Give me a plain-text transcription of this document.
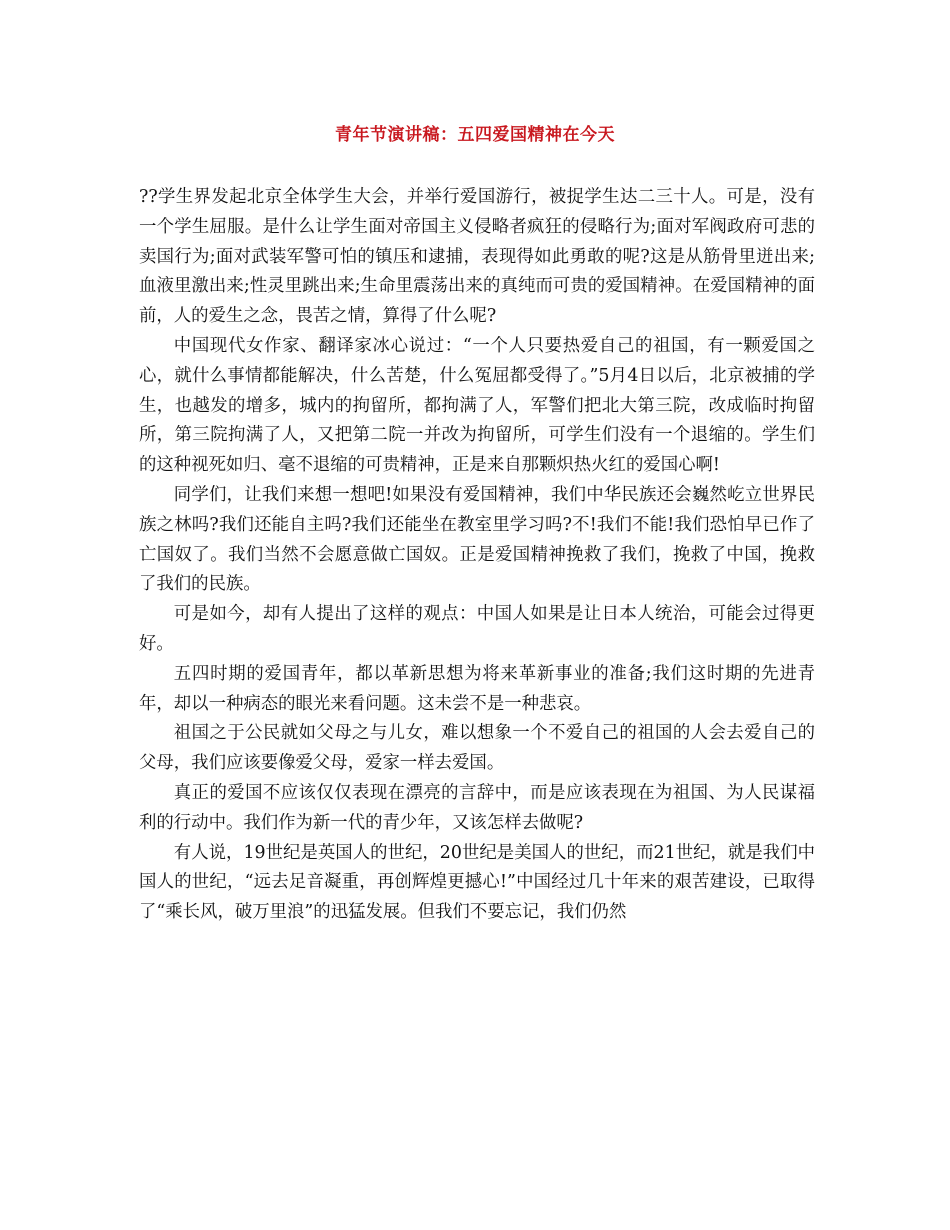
青年节演讲稿：五四爱国精神在今天

??学生界发起北京全体学生大会，并举行爱国游行，被捉学生达二三十人。可是，没有一个学生屈服。是什么让学生面对帝国主义侵略者疯狂的侵略行为;面对军阀政府可悲的卖国行为;面对武装军警可怕的镇压和逮捕，表现得如此勇敢的呢?这是从筋骨里迸出来;血液里激出来;性灵里跳出来;生命里震荡出来的真纯而可贵的爱国精神。在爱国精神的面前，人的爱生之念，畏苦之情，算得了什么呢?

中国现代女作家、翻译家冰心说过：“一个人只要热爱自己的祖国，有一颗爱国之心，就什么事情都能解决，什么苦楚，什么冤屈都受得了。”5月4日以后，北京被捕的学生，也越发的增多，城内的拘留所，都拘满了人，军警们把北大第三院，改成临时拘留所，第三院拘满了人，又把第二院一并改为拘留所，可学生们没有一个退缩的。学生们的这种视死如归、毫不退缩的可贵精神，正是来自那颗炽热火红的爱国心啊!

同学们，让我们来想一想吧!如果没有爱国精神，我们中华民族还会巍然屹立世界民族之林吗?我们还能自主吗?我们还能坐在教室里学习吗?不!我们不能!我们恐怕早已作了亡国奴了。我们当然不会愿意做亡国奴。正是爱国精神挽救了我们，挽救了中国，挽救了我们的民族。

可是如今，却有人提出了这样的观点：中国人如果是让日本人统治，可能会过得更好。

五四时期的爱国青年，都以革新思想为将来革新事业的准备;我们这时期的先进青年，却以一种病态的眼光来看问题。这未尝不是一种悲哀。

祖国之于公民就如父母之与儿女，难以想象一个不爱自己的祖国的人会去爱自己的父母，我们应该要像爱父母，爱家一样去爱国。

真正的爱国不应该仅仅表现在漂亮的言辞中，而是应该表现在为祖国、为人民谋福利的行动中。我们作为新一代的青少年，又该怎样去做呢?

有人说，19世纪是英国人的世纪，20世纪是美国人的世纪，而21世纪，就是我们中国人的世纪，“远去足音凝重，再创辉煌更撼心!”中国经过几十年来的艰苦建设，已取得了“乘长风，破万里浪”的迅猛发展。但我们不要忘记，我们仍然
